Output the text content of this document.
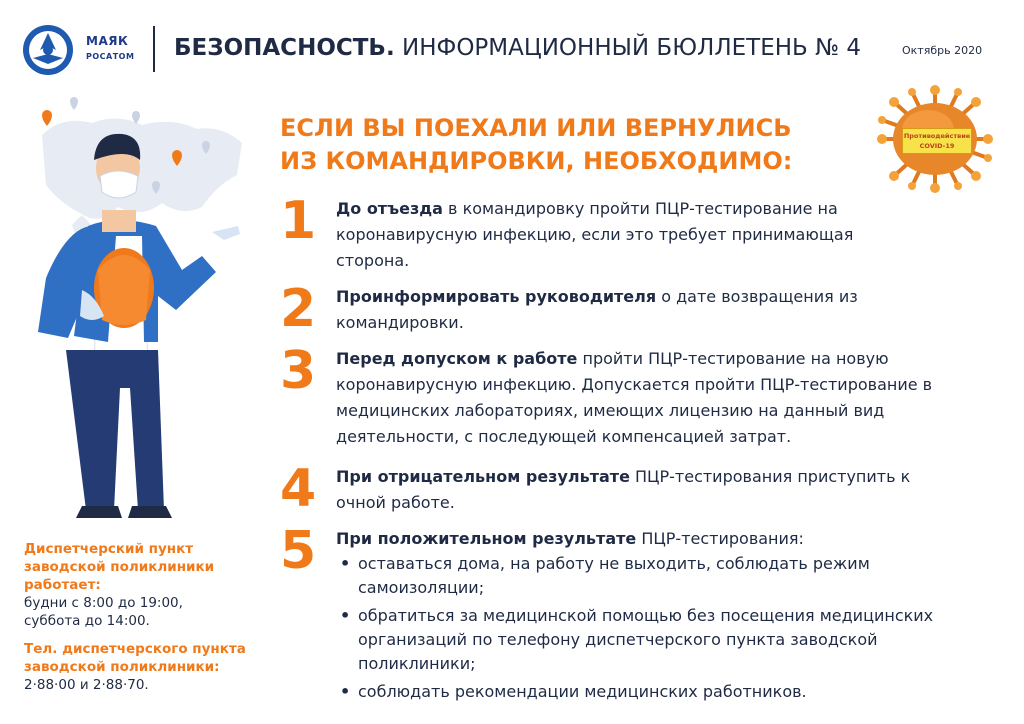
МАЯК
РОСАТОМ БЕЗОПАСНОСТЬ. ИНФОРМАЦИОННЫЙ БЮЛЛЕТЕНЬ № 4	Октябрь 2020
ЕСЛИ ВЫ ПОЕХАЛИ ИЛИ ВЕРНУЛИСЬ
ИЗ КОМАНДИРОВКИ, НЕОБХОДИМО:
Противодействие
COVID-19
1 До отъезда в командировку пройти ПЦР-тестирование на коронавирусную инфекцию, если это требует принимающая сторона.
2 Проинформировать руководителя о дате возвращения из командировки.
3 Перед допуском к работе пройти ПЦР-тестирование на новую коронавирусную инфекцию. Допускается пройти ПЦР-тестирование в медицинских лабораториях, имеющих лицензию на данный вид деятельности, с последующей компенсацией затрат.
4 При отрицательном результате ПЦР-тестирования приступить к очной работе.
5 При положительном результате ПЦР-тестирования:
• оставаться дома, на работу не выходить, соблюдать режим самоизоляции;
• обратиться за медицинской помощью без посещения медицинских организаций по телефону диспетчерского пункта заводской поликлиники;
• соблюдать рекомендации медицинских работников.
Диспетчерский пункт
заводской поликлиники
работает:
будни с 8:00 до 19:00,
суббота до 14:00.
Тел. диспетчерского пункта
заводской поликлиники:
2·88·00 и 2·88·70.
